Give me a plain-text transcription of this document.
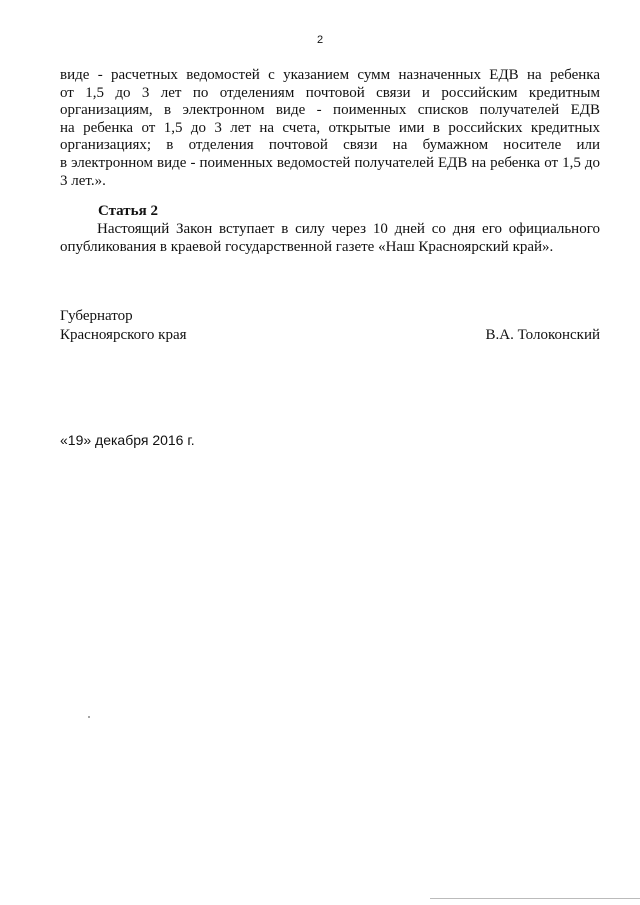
2
виде - расчетных ведомостей с указанием сумм назначенных ЕДВ на ребенка
от 1,5 до 3 лет по отделениям почтовой связи и российским кредитным
организациям, в электронном виде - поименных списков получателей ЕДВ
на ребенка от 1,5 до 3 лет на счета, открытые ими в российских кредитных
организациях; в отделения почтовой связи на бумажном носителе или
в электронном виде - поименных ведомостей получателей ЕДВ на ребенка от 1,5 до
3 лет.».
Статья 2
Настоящий Закон вступает в силу через 10 дней со дня его официального
опубликования в краевой государственной газете «Наш Красноярский край».
Губернатор
Красноярского края	В.А. Толоконский
«19» декабря 2016 г.
